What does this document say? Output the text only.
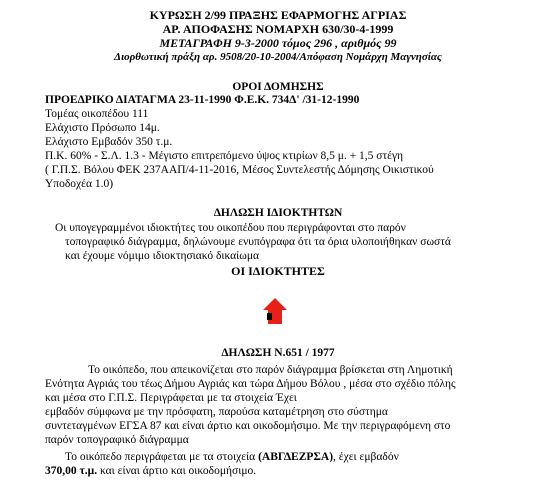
ΚΥΡΩΣΗ 2/99 ΠΡΑΞΗΣ ΕΦΑΡΜΟΓΗΣ ΑΓΡΙΑΣ
ΑΡ. ΑΠΟΦΑΣΗΣ ΝΟΜΑΡΧΗ 630/30-4-1999
ΜΕΤΑΓΡΑΦΗ 9-3-2000 τόμος 296 , αριθμός 99
Διορθωτική πράξη αρ. 9508/20-10-2004/Απόφαση Νομάρχη Μαγνησίας
ΟΡΟΙ ΔΟΜΗΣΗΣ
ΠΡΟΕΔΡΙΚΟ ΔΙΑΤΑΓΜΑ 23-11-1990 Φ.Ε.Κ. 734Δ' /31-12-1990
Τομέας οικοπέδου 111
Ελάχιστο Πρόσωπο 14μ.
Ελάχιστο Εμβαδόν 350 τ.μ.
Π.Κ. 60% - Σ.Λ. 1.3 - Μέγιστο επιτρεπόμενο ύψος κτιρίων 8,5 μ. + 1,5 στέγη
( Γ.Π.Σ. Βόλου ΦΕΚ 237ΑΑΠ/4-11-2016, Μέσος Συντελεστής Δόμησης Οικιστικού
Υποδοχέα 1.0)
ΔΗΛΩΣΗ ΙΔΙΟΚΤΗΤΩΝ
Οι υπογεγραμμένοι ιδιοκτήτες του οικοπέδου που περιγράφονται στο παρόν
τοπογραφικό διάγραμμα, δηλώνουμε ενυπόγραφα ότι τα όρια υλοποιήθηκαν σωστά
και έχουμε νόμιμο ιδιοκτησιακό δικαίωμα
ΟΙ ΙΔΙΟΚΤΗΤΕΣ
ΔΗΛΩΣΗ Ν.651 / 1977
Το οικόπεδο, που απεικονίζεται στο παρόν διάγραμμα βρίσκεται στη Λημοτική
Ενότητα Αγριάς του τέως Δήμου Αγριάς και τώρα Δήμου Βόλου , μέσα στο σχέδιο πόλης
και μέσα στο Γ.Π.Σ. Περιγράφεται με τα στοιχεία Έχει
εμβαδόν σύμφωνα με την πρόσφατη, παρούσα καταμέτρηση στο σύστημα
συντεταγμένων ΕΓΣΑ 87 και είναι άρτιο και οικοδομήσιμο. Με την περιγραφόμενη στο
παρόν τοπογραφικό διάγραμμα
Το οικόπεδο περιγράφεται με τα στοιχεία (ΑΒΓΔΕΖΡΣΑ), έχει εμβαδόν
370,00 τ.μ. και είναι άρτιο και οικοδομήσιμο.
